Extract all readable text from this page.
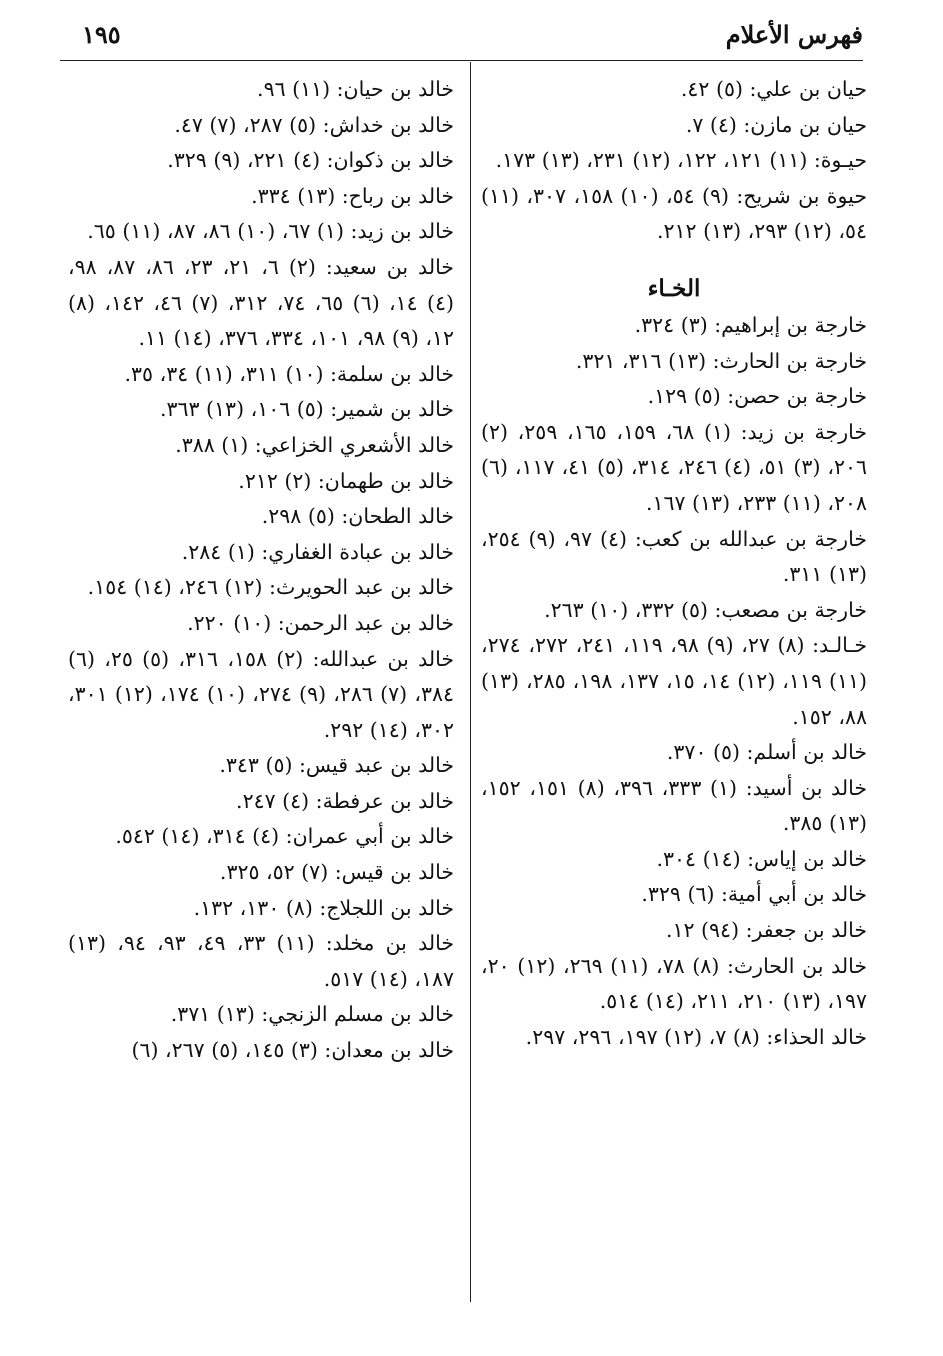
فهرس الأعلام
١٩٥

حيان بن علي: (٥) ٤٢.

حيان بن مازن: (٤) ٧.

حيـوة: (١١) ١٢١، ١٢٢، (١٢) ٢٣١، (١٣) ١٧٣.

حيوة بن شريح: (٩) ٥٤، (١٠) ١٥٨، ٣٠٧، (١١) ٥٤، (١٢) ٢٩٣، (١٣) ٢١٢.

الخـاء

خارجة بن إبراهيم: (٣) ٣٢٤.

خارجة بن الحارث: (١٣) ٣١٦، ٣٢١.

خارجة بن حصن: (٥) ١٢٩.

خارجة بن زيد: (١) ٦٨، ١٥٩، ١٦٥، ٢٥٩، (٢) ٢٠٦، (٣) ٥١، (٤) ٢٤٦، ٣١٤، (٥) ٤١، ١١٧، (٦) ٢٠٨، (١١) ٢٣٣، (١٣) ١٦٧.

خارجة بن عبدالله بن كعب: (٤) ٩٧، (٩) ٢٥٤، (١٣) ٣١١.

خارجة بن مصعب: (٥) ٣٣٢، (١٠) ٢٦٣.

خـالـد: (٨) ٢٧، (٩) ٩٨، ١١٩، ٢٤١، ٢٧٢، ٢٧٤، (١١) ١١٩، (١٢) ١٤، ١٥، ١٣٧، ١٩٨، ٢٨٥، (١٣) ٨٨، ١٥٢.

خالد بن أسلم: (٥) ٣٧٠.

خالد بن أسيد: (١) ٣٣٣، ٣٩٦، (٨) ١٥١، ١٥٢، (١٣) ٣٨٥.

خالد بن إياس: (١٤) ٣٠٤.

خالد بن أبي أمية: (٦) ٣٢٩.

خالد بن جعفر: (٩٤) ١٢.

خالد بن الحارث: (٨) ٧٨، (١١) ٢٦٩، (١٢) ٢٠، ١٩٧، (١٣) ٢١٠، ٢١١، (١٤) ٥١٤.

خالد الحذاء: (٨) ٧، (١٢) ١٩٧، ٢٩٦، ٢٩٧.

خالد بن حيان: (١١) ٩٦.

خالد بن خداش: (٥) ٢٨٧، (٧) ٤٧.

خالد بن ذكوان: (٤) ٢٢١، (٩) ٣٢٩.

خالد بن رباح: (١٣) ٣٣٤.

خالد بن زيد: (١) ٦٧، (١٠) ٨٦، ٨٧، (١١) ٦٥.

خالد بن سعيد: (٢) ٦، ٢١، ٢٣، ٨٦، ٨٧، ٩٨، (٤) ١٤، (٦) ٦٥، ٧٤، ٣١٢، (٧) ٤٦، ١٤٢، (٨) ١٢، (٩) ٩٨، ١٠١، ٣٣٤، ٣٧٦، (١٤) ١١.

خالد بن سلمة: (١٠) ٣١١، (١١) ٣٤، ٣٥.

خالد بن شمير: (٥) ١٠٦، (١٣) ٣٦٣.

خالد الأشعري الخزاعي: (١) ٣٨٨.

خالد بن طهمان: (٢) ٢١٢.

خالد الطحان: (٥) ٢٩٨.

خالد بن عبادة الغفاري: (١) ٢٨٤.

خالد بن عبد الحويرث: (١٢) ٢٤٦، (١٤) ١٥٤.

خالد بن عبد الرحمن: (١٠) ٢٢٠.

خالد بن عبدالله: (٢) ١٥٨، ٣١٦، (٥) ٢٥، (٦) ٣٨٤، (٧) ٢٨٦، (٩) ٢٧٤، (١٠) ١٧٤، (١٢) ٣٠١، ٣٠٢، (١٤) ٢٩٢.

خالد بن عبد قيس: (٥) ٣٤٣.

خالد بن عرفطة: (٤) ٢٤٧.

خالد بن أبي عمران: (٤) ٣١٤، (١٤) ٥٤٢.

خالد بن قيس: (٧) ٥٢، ٣٢٥.

خالد بن اللجلاج: (٨) ١٣٠، ١٣٢.

خالد بن مخلد: (١١) ٣٣، ٤٩، ٩٣، ٩٤، (١٣) ١٨٧، (١٤) ٥١٧.

خالد بن مسلم الزنجي: (١٣) ٣٧١.

خالد بن معدان: (٣) ١٤٥، (٥) ٢٦٧، (٦)
